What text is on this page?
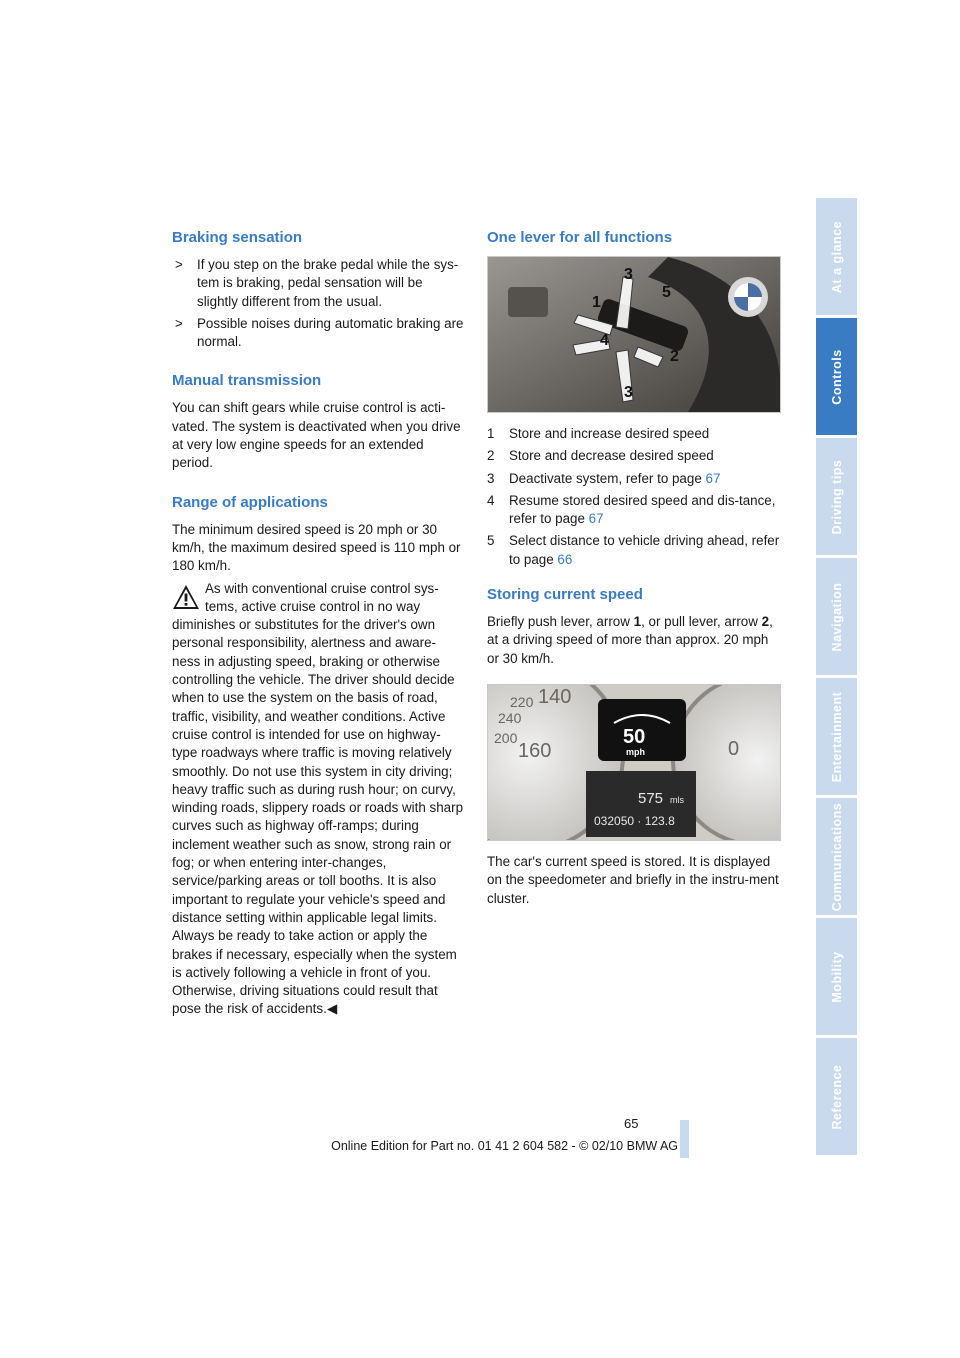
Braking sensation
>	If you step on the brake pedal while the sys-tem is braking, pedal sensation will be slightly different from the usual.
>	Possible noises during automatic braking are normal.
Manual transmission

You can shift gears while cruise control is acti-vated. The system is deactivated when you drive at very low engine speeds for an extended period.

Range of applications

The minimum desired speed is 20 mph or 30 km/h, the maximum desired speed is 110 mph or 180 km/h.

As with conventional cruise control sys-tems, active cruise control in no way

diminishes or substitutes for the driver's own personal responsibility, alertness and aware-ness in adjusting speed, braking or otherwise controlling the vehicle. The driver should decide when to use the system on the basis of road, traffic, visibility, and weather conditions. Active cruise control is intended for use on highway-type roadways where traffic is moving relatively smoothly. Do not use this system in city driving; heavy traffic such as during rush hour; on curvy, winding roads, slippery roads or roads with sharp curves such as highway off-ramps; during inclement weather such as snow, strong rain or fog; or when entering inter-changes, service/parking areas or toll booths. It is also important to regulate your vehicle's speed and distance setting within applicable legal limits. Always be ready to take action or apply the brakes if necessary, especially when the system is actively following a vehicle in front of you. Otherwise, driving situations could result that pose the risk of accidents.◀

One lever for all functions
3
1
5
4
2
3
1	Store and increase desired speed
2	Store and decrease desired speed
3	Deactivate system, refer to page 67
4	Resume stored desired speed and dis-tance, refer to page 67
5	Select distance to vehicle driving ahead, refer to page 66
Storing current speed

Briefly push lever, arrow 1, or pull lever, arrow 2, at a driving speed of more than approx. 20 mph or 30 km/h.

220 140
240
200
160	0
50
mph
575 mls
032050 · 123.8

The car's current speed is stored. It is displayed on the speedometer and briefly in the instru-ment cluster.

65
Online Edition for Part no. 01 41 2 604 582 - © 02/10 BMW AG
At a glance
Controls
Driving tips
Navigation
Entertainment
Communications
Mobility
Reference
